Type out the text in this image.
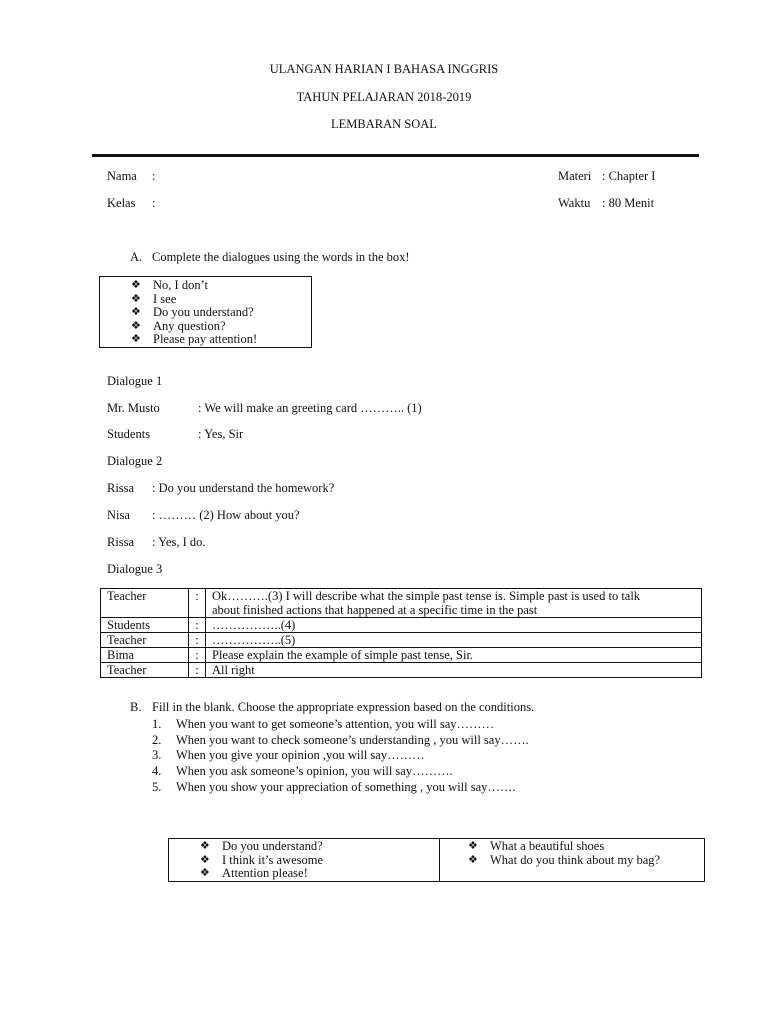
ULANGAN HARIAN I BAHASA INGGRIS
TAHUN PELAJARAN 2018-2019
LEMBARAN SOAL
Nama :
Kelas :
Materi : Chapter I
Waktu : 80 Menit
A. Complete the dialogues using the words in the box!
❖ No, I don’t
❖ I see
❖ Do you understand?
❖ Any question?
❖ Please pay attention!
Dialogue 1
Mr. Musto	: We will make an greeting card ……….. (1)
Students	: Yes, Sir
Dialogue 2
Rissa : Do you understand the homework?
Nisa : ……… (2) How about you?
Rissa : Yes, I do.
Dialogue 3
Teacher	:	Ok……….(3) I will describe what the simple past tense is. Simple past is used to talk
about finished actions that happened at a specific time in the past

Students	:	……………..(4)
Teacher	:	……………..(5)
Bima	:	Please explain the example of simple past tense, Sir.
Teacher	:	All right
B. Fill in the blank. Choose the appropriate expression based on the conditions.
1. When you want to get someone’s attention, you will say………
2. When you want to check someone’s understanding , you will say…….
3. When you give your opinion ,you will say………
4. When you ask someone’s opinion, you will say……….
5. When you show your appreciation of something , you will say…….
❖ Do you understand?
❖ I think it’s awesome
❖ Attention please!
❖ What a beautiful shoes
❖ What do you think about my bag?
